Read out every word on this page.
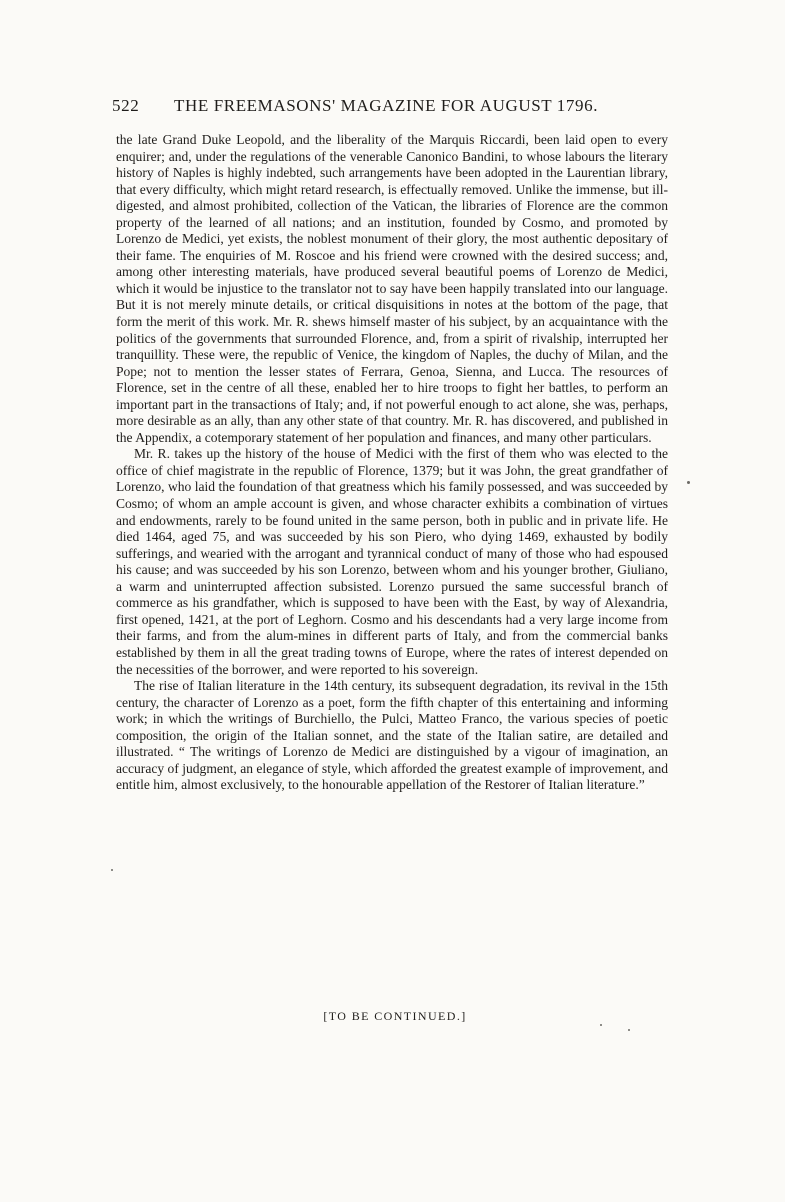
522 THE FREEMASONS' MAGAZINE FOR AUGUST 1796.

the late Grand Duke Leopold, and the liberality of the Marquis Riccardi, been laid open to every enquirer; and, under the regulations of the venerable Canonico Bandini, to whose labours the literary history of Naples is highly indebted, such arrangements have been adopted in the Laurentian library, that every difficulty, which might retard research, is effectually removed. Unlike the immense, but ill-digested, and almost prohibited, collection of the Vatican, the libraries of Florence are the common property of the learned of all nations; and an institution, founded by Cosmo, and promoted by Lorenzo de Medici, yet exists, the noblest monument of their glory, the most authentic depositary of their fame. The enquiries of M. Roscoe and his friend were crowned with the desired success; and, among other interesting materials, have produced several beautiful poems of Lorenzo de Medici, which it would be injustice to the translator not to say have been happily translated into our language. But it is not merely minute details, or critical disquisitions in notes at the bottom of the page, that form the merit of this work. Mr. R. shews himself master of his subject, by an acquaintance with the politics of the governments that surrounded Florence, and, from a spirit of rivalship, interrupted her tranquillity. These were, the republic of Venice, the kingdom of Naples, the duchy of Milan, and the Pope; not to mention the lesser states of Ferrara, Genoa, Sienna, and Lucca. The resources of Florence, set in the centre of all these, enabled her to hire troops to fight her battles, to perform an important part in the transactions of Italy; and, if not powerful enough to act alone, she was, perhaps, more desirable as an ally, than any other state of that country. Mr. R. has discovered, and published in the Appendix, a cotemporary statement of her population and finances, and many other particulars.

Mr. R. takes up the history of the house of Medici with the first of them who was elected to the office of chief magistrate in the republic of Florence, 1379; but it was John, the great grandfather of Lorenzo, who laid the foundation of that greatness which his family possessed, and was succeeded by Cosmo; of whom an ample account is given, and whose character exhibits a combination of virtues and endowments, rarely to be found united in the same person, both in public and in private life. He died 1464, aged 75, and was succeeded by his son Piero, who dying 1469, exhausted by bodily sufferings, and wearied with the arrogant and tyrannical conduct of many of those who had espoused his cause; and was succeeded by his son Lorenzo, between whom and his younger brother, Giuliano, a warm and uninterrupted affection subsisted. Lorenzo pursued the same successful branch of commerce as his grandfather, which is supposed to have been with the East, by way of Alexandria, first opened, 1421, at the port of Leghorn. Cosmo and his descendants had a very large income from their farms, and from the alum-mines in different parts of Italy, and from the commercial banks established by them in all the great trading towns of Europe, where the rates of interest depended on the necessities of the borrower, and were reported to his sovereign.

The rise of Italian literature in the 14th century, its subsequent degradation, its revival in the 15th century, the character of Lorenzo as a poet, form the fifth chapter of this entertaining and informing work; in which the writings of Burchiello, the Pulci, Matteo Franco, the various species of poetic composition, the origin of the Italian sonnet, and the state of the Italian satire, are detailed and illustrated. “ The writings of Lorenzo de Medici are distinguished by a vigour of imagination, an accuracy of judgment, an elegance of style, which afforded the greatest example of improvement, and entitle him, almost exclusively, to the honourable appellation of the Restorer of Italian literature.”

[TO BE CONTINUED.]
